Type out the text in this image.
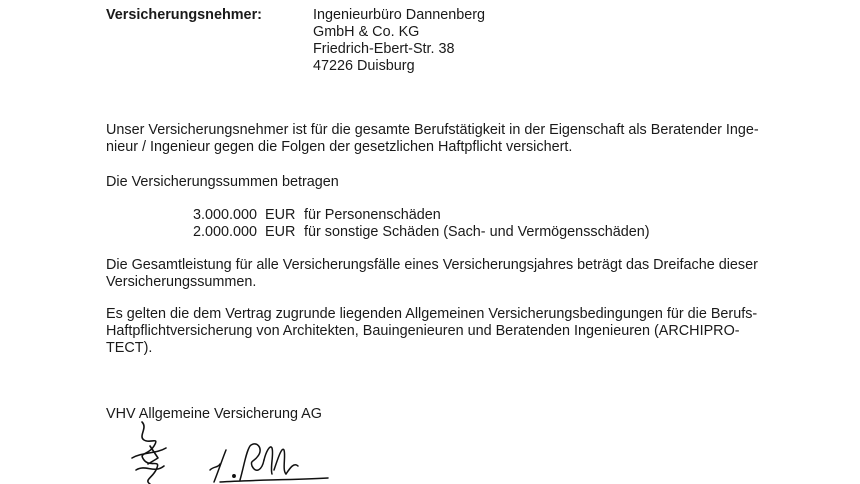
Versicherungsnehmer:	Ingenieurbüro Dannenberg
GmbH & Co. KG
Friedrich-Ebert-Str. 38
47226 Duisburg

Unser Versicherungsnehmer ist für die gesamte Berufstätigkeit in der Eigenschaft als Beratender Inge-

nieur / Ingenieur gegen die Folgen der gesetzlichen Haftpflicht versichert.

Die Versicherungssummen betragen
3.000.000 EUR für Personenschäden
2.000.000 EUR für sonstige Schäden (Sach- und Vermögensschäden)

Die Gesamtleistung für alle Versicherungsfälle eines Versicherungsjahres beträgt das Dreifache dieser

Versicherungssummen.

Es gelten die dem Vertrag zugrunde liegenden Allgemeinen Versicherungsbedingungen für die Berufs-

Haftpflichtversicherung von Architekten, Bauingenieuren und Beratenden Ingenieuren (ARCHIPRO-

TECT).

VHV Allgemeine Versicherung AG
